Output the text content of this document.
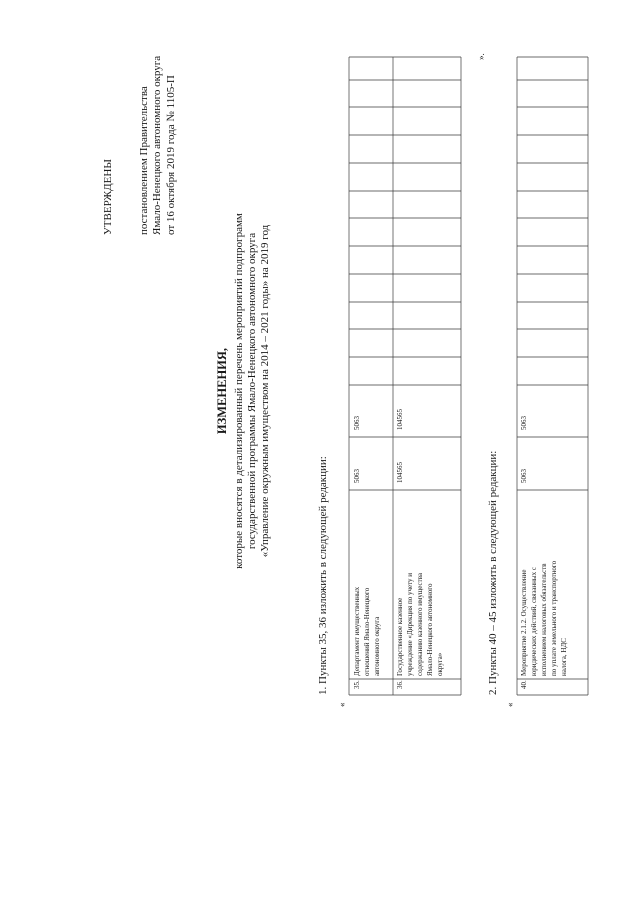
УТВЕРЖДЕНЫ постановлением Правительства Ямало-Ненецкого автономного округа от 16 октября 2019 года № 1105-П
ИЗМЕНЕНИЯ, которые вносятся в детализированный перечень мероприятий подпрограмм государственной программы Ямало-Ненецкого автономного округа «Управление окружным имуществом на 2014 – 2021 годы» на 2019 год
1. Пункты 35, 36 изложить в следующей редакции:
«
».
35.
Департамент имущественных отношений Ямало-Ненецкого автономного округа
5063
5063
36.
Государственное казенное учреждение «Дирекция по учету и содержанию казенного имущества Ямало-Ненецкого автономного округа»
104565
104565
2. Пункты 40 – 45 изложить в следующей редакции:
«
40.
Мероприятие 2.1.2. Осуществление юридических действий, связанных с исполнением налоговых обязательств по уплате земельного и транспортного налога, НДС
5063
5063
